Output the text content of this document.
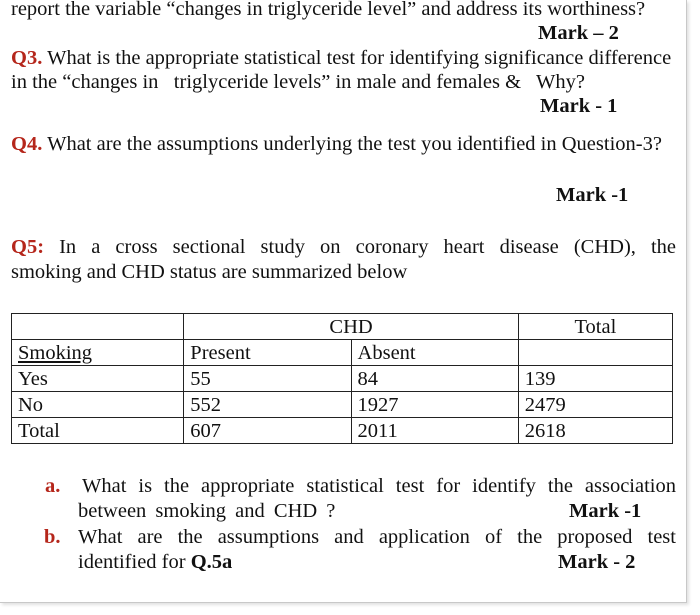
report the variable “changes in triglyceride level” and address its worthiness?
Mark – 2
Q3. What is the appropriate statistical test for identifying significance difference
in the “changes in   triglyceride levels” in male and females &   Why?
Mark - 1
Q4. What are the assumptions underlying the test you identified in Question-3?
Mark -1
Q5: In a cross sectional study on coronary heart disease (CHD), the
smoking and CHD status are summarized below
	CHD		Total
Smoking	Present	Absent	
Yes	55	84	139
No	552	1927	2479
Total	607	2011	2618
a. What is the appropriate statistical test for identify the association
between smoking and CHD ?	Mark -1
b. What are the assumptions and application of the proposed test
identified for Q.5a	Mark - 2
